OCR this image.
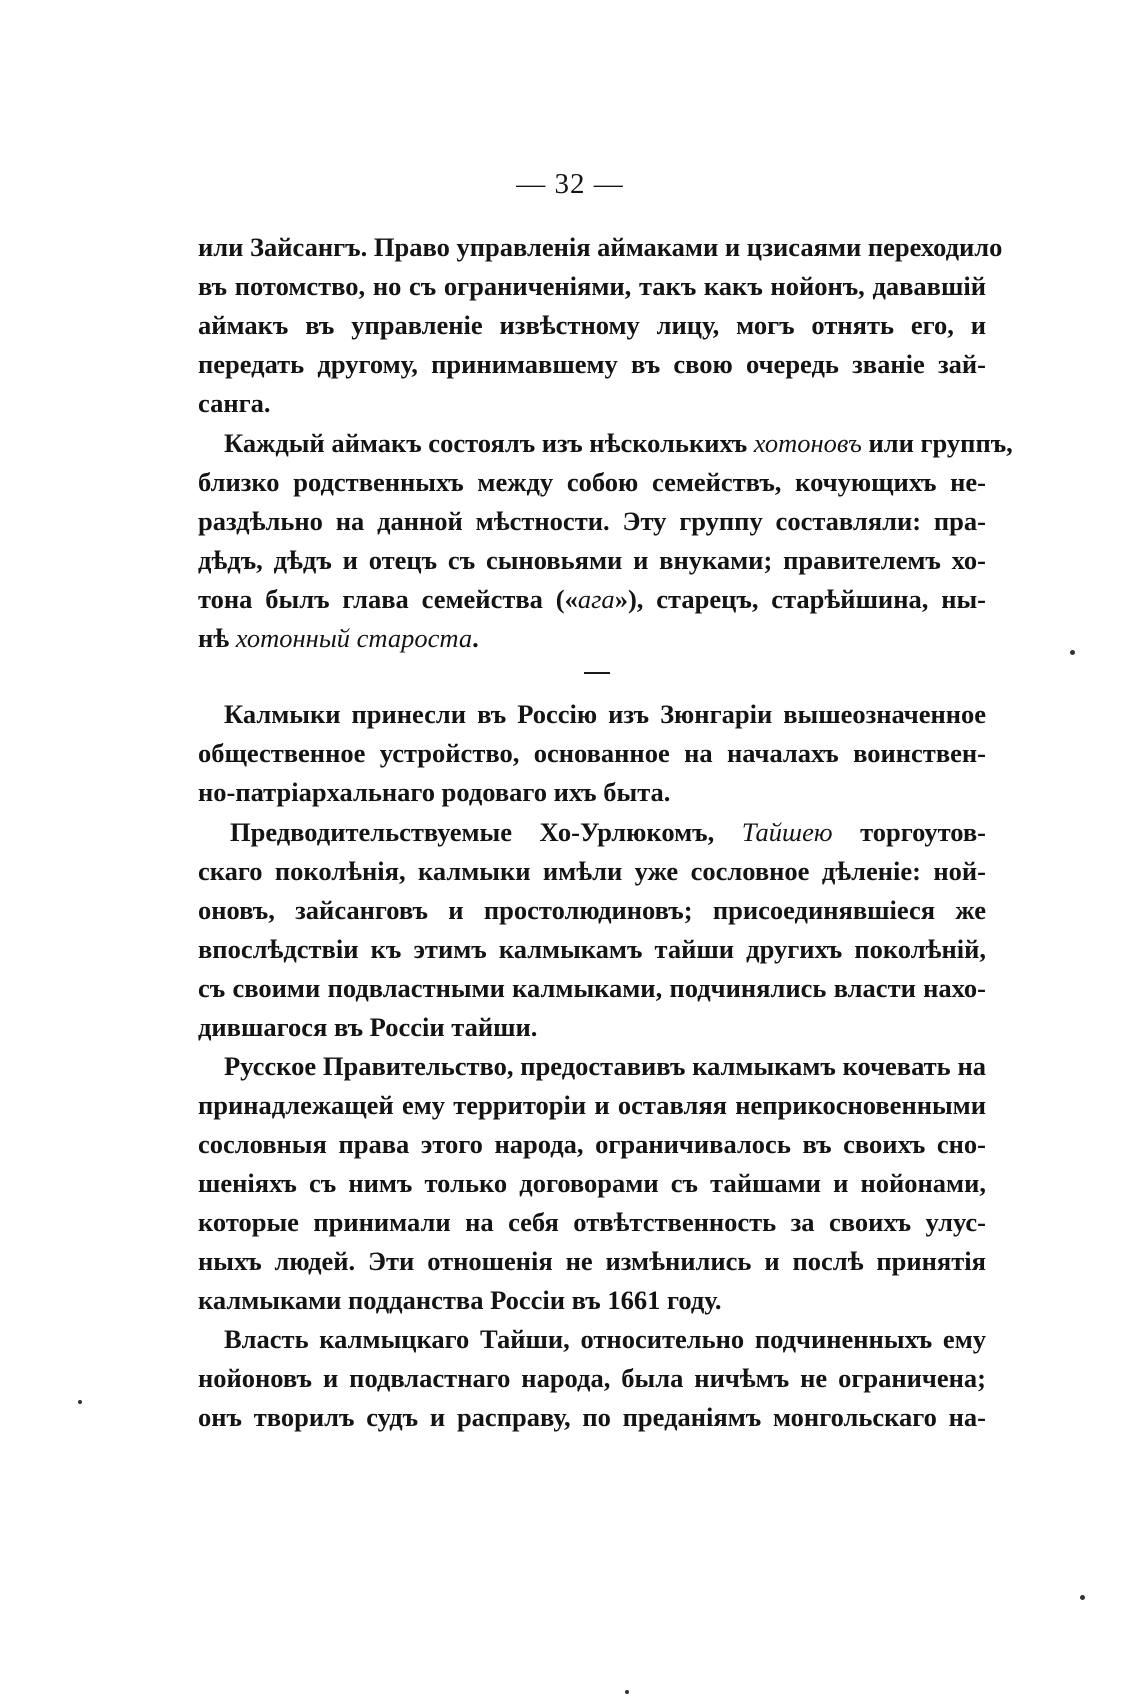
— 32 —
или Зайсангъ. Право управленія аймаками и цзисаями переходило
въ потомство, но съ ограниченіями, такъ какъ нойонъ, дававшій
аймакъ въ управленіе извѣстному лицу, могъ отнять его, и
передать другому, принимавшему въ свою очередь званіе зай-
санга.
Каждый аймакъ состоялъ изъ нѣсколькихъ хотоновъ или группъ,
близко родственныхъ между собою семействъ, кочующихъ не-
раздѣльно на данной мѣстности. Эту группу составляли: пра-
дѣдъ, дѣдъ и отецъ съ сыновьями и внуками; правителемъ хо-
тона былъ глава семейства («ага»), старецъ, старѣйшина, ны-
нѣ хотонный староста.
Калмыки принесли въ Россію изъ Зюнгаріи вышеозначенное
общественное устройство, основанное на началахъ воинствен-
но-патріархальнаго родоваго ихъ быта.
Предводительствуемые Хо-Урлюкомъ, Тайшею торгоутов-
скаго поколѣнія, калмыки имѣли уже сословное дѣленіе: ной-
оновъ, зайсанговъ и простолюдиновъ; присоединявшіеся же
впослѣдствіи къ этимъ калмыкамъ тайши другихъ поколѣній,
съ своими подвластными калмыками, подчинялись власти нахо-
дившагося въ Россіи тайши.
Русское Правительство, предоставивъ калмыкамъ кочевать на
принадлежащей ему территоріи и оставляя неприкосновенными
сословныя права этого народа, ограничивалось въ своихъ сно-
шеніяхъ съ нимъ только договорами съ тайшами и нойонами,
которые принимали на себя отвѣтственность за своихъ улус-
ныхъ людей. Эти отношенія не измѣнились и послѣ принятія
калмыками подданства Россіи въ 1661 году.
Власть калмыцкаго Тайши, относительно подчиненныхъ ему
нойоновъ и подвластнаго народа, была ничѣмъ не ограничена;
онъ творилъ судъ и расправу, по преданіямъ монгольскаго на-
